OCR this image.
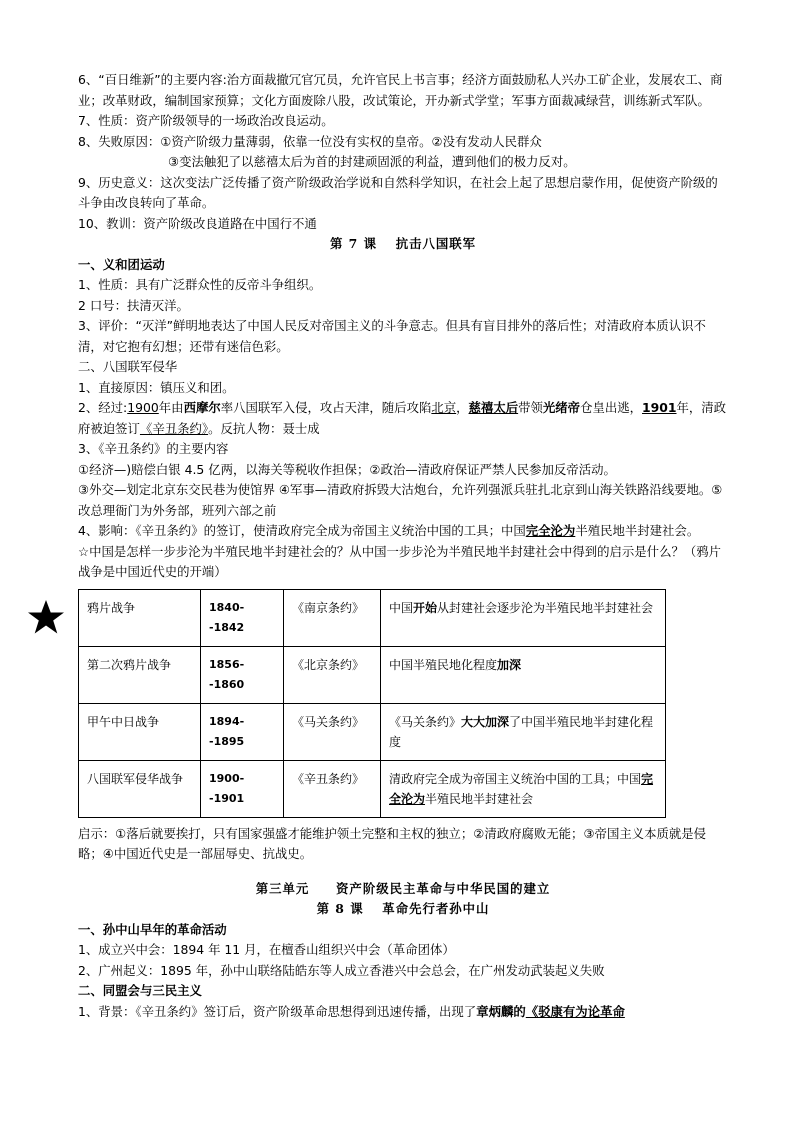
6、“百日维新”的主要内容:治方面裁撤冗官冗员，允许官民上书言事；经济方面鼓励私人兴办工矿企业，发展农工、商业；改革财政，编制国家预算；文化方面废除八股，改试策论，开办新式学堂；军事方面裁减绿营，训练新式军队。

7、性质：资产阶级领导的一场政治改良运动。

8、失败原因：①资产阶级力量薄弱，依靠一位没有实权的皇帝。②没有发动人民群众

③变法触犯了以慈禧太后为首的封建顽固派的利益，遭到他们的极力反对。

9、历史意义：这次变法广泛传播了资产阶级政治学说和自然科学知识，在社会上起了思想启蒙作用，促使资产阶级的斗争由改良转向了革命。

10、教训：资产阶级改良道路在中国行不通

第 7 课　 抗击八国联军

一、义和团运动

1、性质：具有广泛群众性的反帝斗争组织。

2 口号：扶清灭洋。

3、评价：“灭洋”鲜明地表达了中国人民反对帝国主义的斗争意志。但具有盲目排外的落后性；对清政府本质认识不清，对它抱有幻想；还带有迷信色彩。

二、八国联军侵华

1、直接原因：镇压义和团。

2、经过:1900年由西摩尔率八国联军入侵，攻占天津，随后攻陷北京，慈禧太后带领光绪帝仓皇出逃，1901年，清政府被迫签订《辛丑条约》。反抗人物：聂士成

3、《辛丑条约》的主要内容

①经济—)赔偿白银 4.5 亿两，以海关等税收作担保；②政治—清政府保证严禁人民参加反帝活动。

③外交—划定北京东交民巷为使馆界 ④军事—清政府拆毁大沽炮台，允许列强派兵驻扎北京到山海关铁路沿线要地。⑤改总理衙门为外务部，班列六部之前

4、影响：《辛丑条约》的签订，使清政府完全成为帝国主义统治中国的工具；中国完全沦为半殖民地半封建社会。

☆中国是怎样一步步沦为半殖民地半封建社会的？从中国一步步沦为半殖民地半封建社会中得到的启示是什么？（鸦片战争是中国近代史的开端）

鸦片战争	1840--1842	《南京条约》	中国开始从封建社会逐步沦为半殖民地半封建社会
第二次鸦片战争	1856--1860	《北京条约》	中国半殖民地化程度加深
甲午中日战争	1894--1895	《马关条约》	《马关条约》大大加深了中国半殖民地半封建化程度
八国联军侵华战争	1900--1901	《辛丑条约》	清政府完全成为帝国主义统治中国的工具；中国完全沦为半殖民地半封建社会

启示：①落后就要挨打，只有国家强盛才能维护领土完整和主权的独立；②清政府腐败无能；③帝国主义本质就是侵略；④中国近代史是一部屈辱史、抗战史。

第三单元　　资产阶级民主革命与中华民国的建立

第 8 课　 革命先行者孙中山

一、孙中山早年的革命活动

1、成立兴中会：1894 年 11 月，在檀香山组织兴中会（革命团体）

2、广州起义：1895 年，孙中山联络陆皓东等人成立香港兴中会总会，在广州发动武装起义失败

二、同盟会与三民主义

1、背景：《辛丑条约》签订后，资产阶级革命思想得到迅速传播，出现了章炳麟的《驳康有为论革命
